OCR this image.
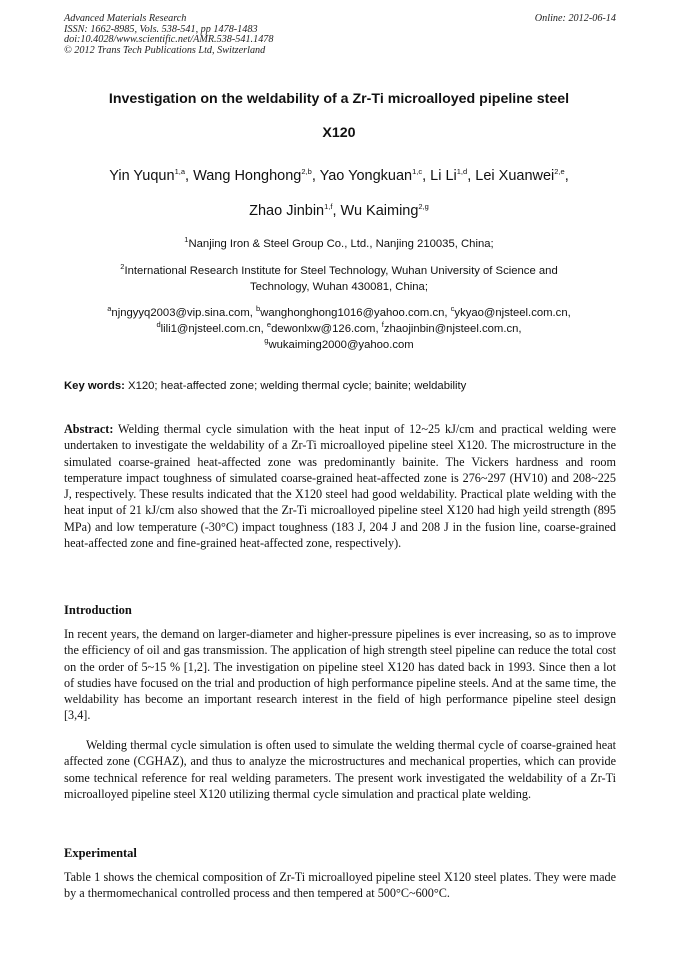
Advanced Materials Research
ISSN: 1662-8985, Vols. 538-541, pp 1478-1483
doi:10.4028/www.scientific.net/AMR.538-541.1478
© 2012 Trans Tech Publications Ltd, Switzerland
Online: 2012-06-14
Investigation on the weldability of a Zr-Ti microalloyed pipeline steel
X120
Yin Yuqun$^{1,a}$, Wang Honghong$^{2,b}$, Yao Yongkuan$^{1,c}$, Li Li$^{1,d}$, Lei Xuanwei$^{2,e}$,
Zhao Jinbin$^{1,f}$, Wu Kaiming$^{2,g}$
$^1$Nanjing Iron & Steel Group Co., Ltd., Nanjing 210035, China;
$^2$International Research Institute for Steel Technology, Wuhan University of Science and
Technology, Wuhan 430081, China;
$^a$njngyyq2003@vip.sina.com, $^b$wanghonghong1016@yahoo.com.cn, $^c$ykyao@njsteel.com.cn,
$^d$lili1@njsteel.com.cn, $^e$dewonlxw@126.com, $^f$zhaojinbin@njsteel.com.cn,
$^g$wukaiming2000@yahoo.com
Key words: X120; heat-affected zone; welding thermal cycle; bainite; weldability
Abstract: Welding thermal cycle simulation with the heat input of 12~25 kJ/cm and practical welding were undertaken to investigate the weldability of a Zr-Ti microalloyed pipeline steel X120. The microstructure in the simulated coarse-grained heat-affected zone was predominantly bainite. The Vickers hardness and room temperature impact toughness of simulated coarse-grained heat-affected zone is 276~297 (HV10) and 208~225 J, respectively. These results indicated that the X120 steel had good weldability. Practical plate welding with the heat input of 21 kJ/cm also showed that the Zr-Ti microalloyed pipeline steel X120 had high yeild strength (895 MPa) and low temperature (-30°C) impact toughness (183 J, 204 J and 208 J in the fusion line, coarse-grained heat-affected zone and fine-grained heat-affected zone, respectively).
Introduction
In recent years, the demand on larger-diameter and higher-pressure pipelines is ever increasing, so as to improve the efficiency of oil and gas transmission. The application of high strength steel pipeline can reduce the total cost on the order of 5~15 % [1,2]. The investigation on pipeline steel X120 has dated back in 1993. Since then a lot of studies have focused on the trial and production of high performance pipeline steels. And at the same time, the weldability has become an important research interest in the field of high performance pipeline steel design [3,4].
Welding thermal cycle simulation is often used to simulate the welding thermal cycle of coarse-grained heat affected zone (CGHAZ), and thus to analyze the microstructures and mechanical properties, which can provide some technical reference for real welding parameters. The present work investigated the weldability of a Zr-Ti microalloyed pipeline steel X120 utilizing thermal cycle simulation and practical plate welding.
Experimental
Table 1 shows the chemical composition of Zr-Ti microalloyed pipeline steel X120 steel plates. They were made by a thermomechanical controlled process and then tempered at 500°C~600°C.
